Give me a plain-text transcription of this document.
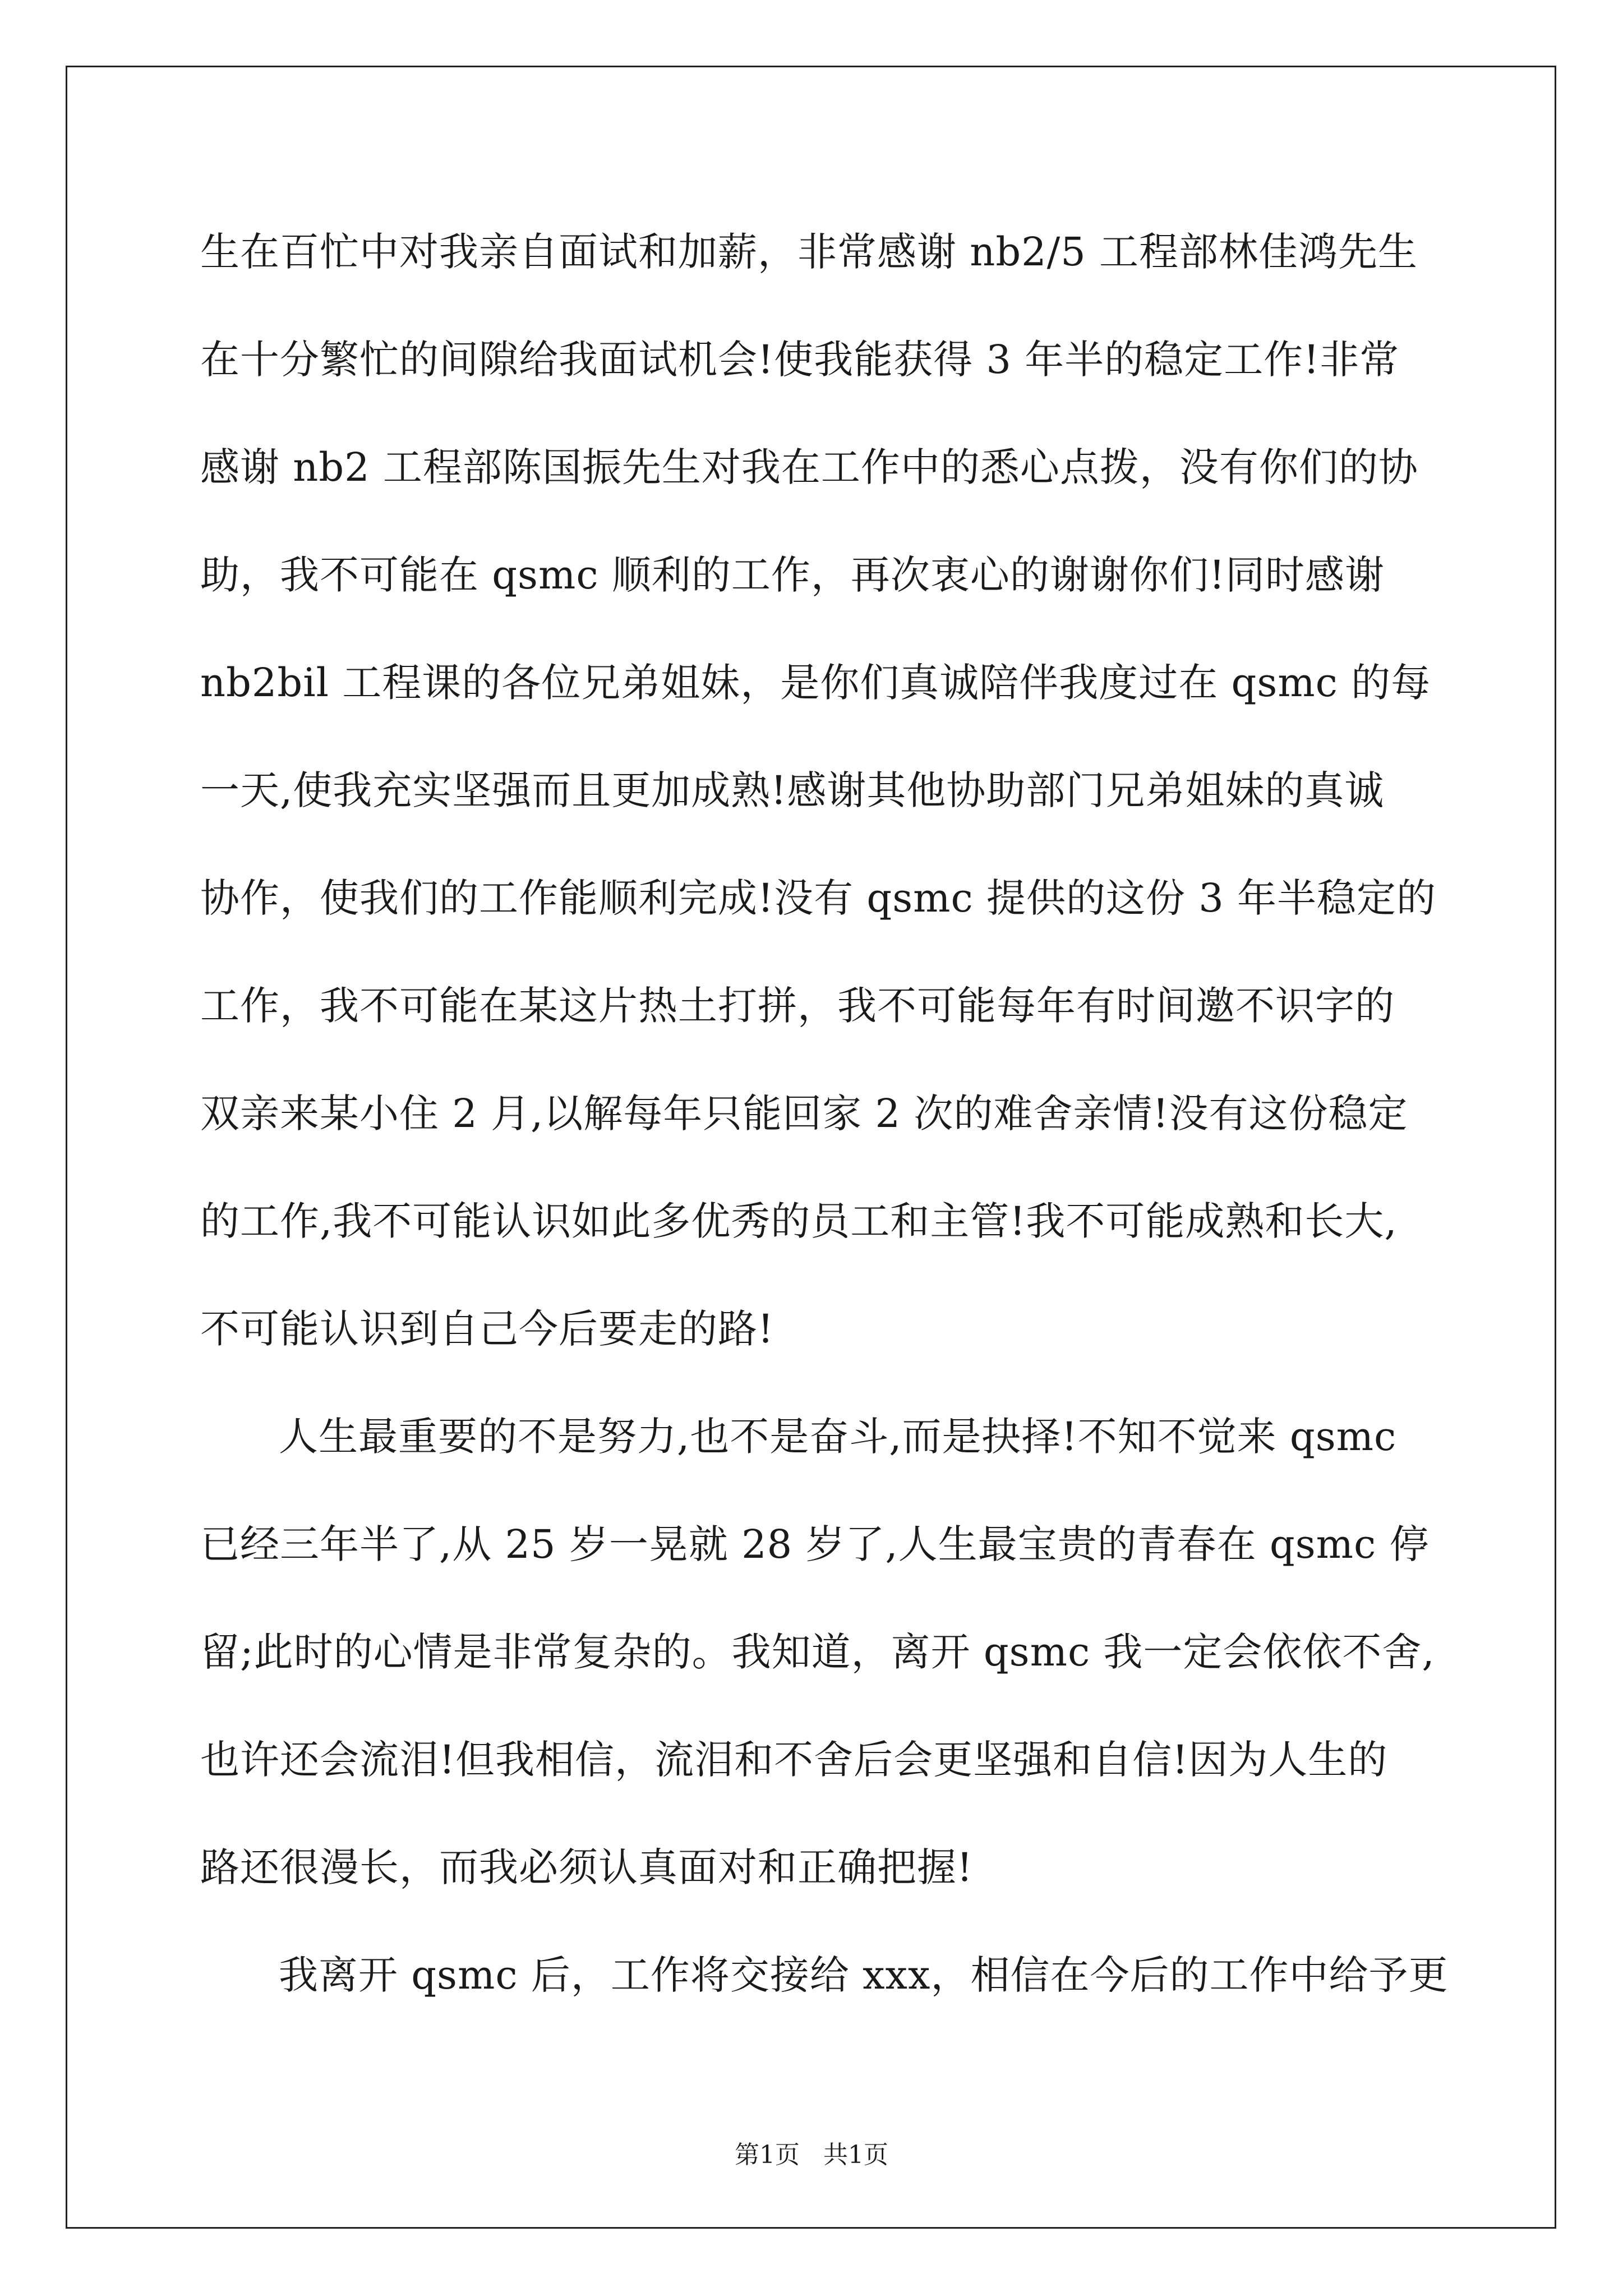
生在百忙中对我亲自面试和加薪，非常感谢 nb2/5 工程部林佳鸿先生
在十分繁忙的间隙给我面试机会!使我能获得 3 年半的稳定工作!非常
感谢 nb2 工程部陈国振先生对我在工作中的悉心点拨，没有你们的协
助，我不可能在 qsmc 顺利的工作，再次衷心的谢谢你们!同时感谢
nb2bil 工程课的各位兄弟姐妹，是你们真诚陪伴我度过在 qsmc 的每
一天,使我充实坚强而且更加成熟!感谢其他协助部门兄弟姐妹的真诚
协作，使我们的工作能顺利完成!没有 qsmc 提供的这份 3 年半稳定的
工作，我不可能在某这片热土打拼，我不可能每年有时间邀不识字的
双亲来某小住 2 月,以解每年只能回家 2 次的难舍亲情!没有这份稳定
的工作,我不可能认识如此多优秀的员工和主管!我不可能成熟和长大,
不可能认识到自己今后要走的路!
人生最重要的不是努力,也不是奋斗,而是抉择!不知不觉来 qsmc
已经三年半了,从 25 岁一晃就 28 岁了,人生最宝贵的青春在 qsmc 停
留;此时的心情是非常复杂的。我知道，离开 qsmc 我一定会依依不舍,
也许还会流泪!但我相信，流泪和不舍后会更坚强和自信!因为人生的
路还很漫长，而我必须认真面对和正确把握!
我离开 qsmc 后，工作将交接给 xxx，相信在今后的工作中给予更
第1页   共1页
